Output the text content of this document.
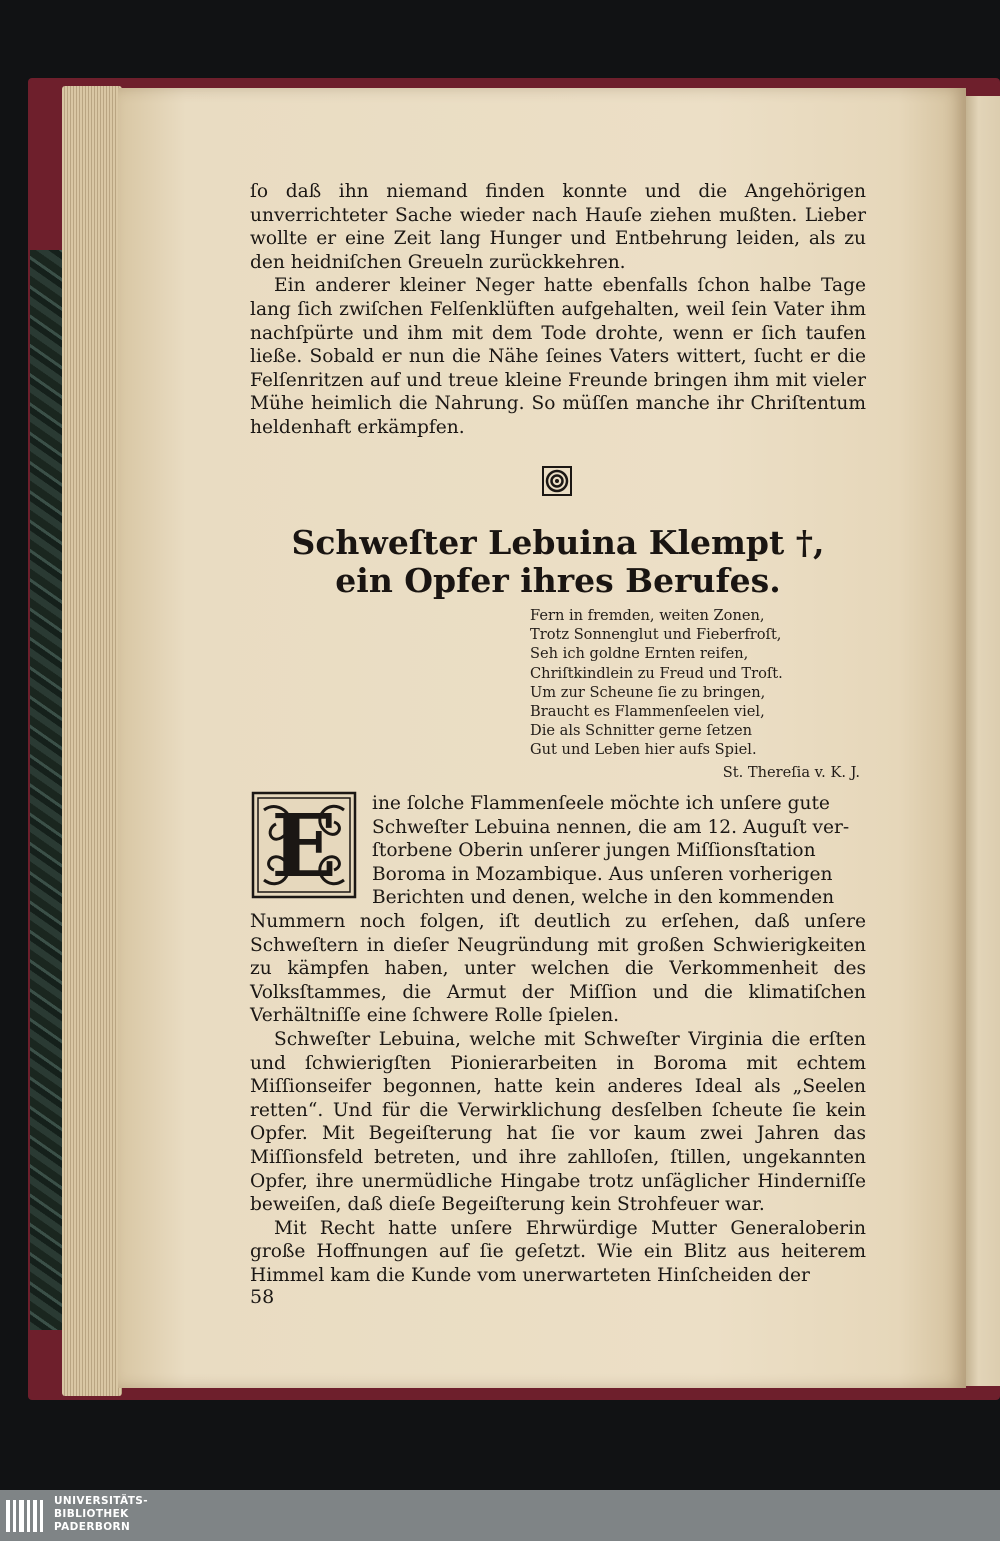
ſo daß ihn niemand finden konnte und die Angehörigen unverrichteter Sache wieder nach Hauſe ziehen mußten. Lieber wollte er eine Zeit lang Hunger und Entbehrung leiden, als zu den heidniſchen Greueln zurückkehren.

Ein anderer kleiner Neger hatte ebenfalls ſchon halbe Tage lang ſich zwiſchen Felſenklüften aufgehalten, weil ſein Vater ihm nachſpürte und ihm mit dem Tode drohte, wenn er ſich taufen ließe. Sobald er nun die Nähe ſeines Vaters wittert, ſucht er die Felſenritzen auf und treue kleine Freunde bringen ihm mit vieler Mühe heimlich die Nahrung. So müſſen manche ihr Chriſtentum heldenhaft erkämpfen.

Schweſter Lebuina Klempt †,
ein Opfer ihres Berufes.
Fern in fremden, weiten Zonen,
Trotz Sonnenglut und Fieberfroſt,
Seh ich goldne Ernten reifen,
Chriſtkindlein zu Freud und Troſt.
Um zur Scheune ſie zu bringen,
Braucht es Flammenſeelen viel,
Die als Schnitter gerne ſetzen
Gut und Leben hier aufs Spiel.
St. Thereſia v. K. J.
E	ine ſolche Flammenſeele möchte ich unſere gute
Schweſter Lebuina nennen, die am 12. Auguſt ver-
ſtorbene Oberin unſerer jungen Miſſionsſtation
Boroma in Mozambique. Aus unſeren vorherigen
Berichten und denen, welche in den kommenden

Nummern noch folgen, iſt deutlich zu erſehen, daß unſere Schweſtern in dieſer Neugründung mit großen Schwierigkeiten zu kämpfen haben, unter welchen die Verkommenheit des Volksſtammes, die Armut der Miſſion und die klimatiſchen Verhältniſſe eine ſchwere Rolle ſpielen.

Schweſter Lebuina, welche mit Schweſter Virginia die erſten und ſchwierigſten Pionierarbeiten in Boroma mit echtem Miſſionseifer begonnen, hatte kein anderes Ideal als „Seelen retten“. Und für die Verwirklichung desſelben ſcheute ſie kein Opfer. Mit Begeiſterung hat ſie vor kaum zwei Jahren das Miſſionsfeld betreten, und ihre zahlloſen, ſtillen, ungekannten Opfer, ihre unermüdliche Hingabe trotz unſäglicher Hinderniſſe beweiſen, daß dieſe Begeiſterung kein Strohfeuer war.

Mit Recht hatte unſere Ehrwürdige Mutter Generaloberin große Hoffnungen auf ſie geſetzt. Wie ein Blitz aus heiterem Himmel kam die Kunde vom unerwarteten Hinſcheiden der

58
UNIVERSITÄTS-
BIBLIOTHEK
PADERBORN
